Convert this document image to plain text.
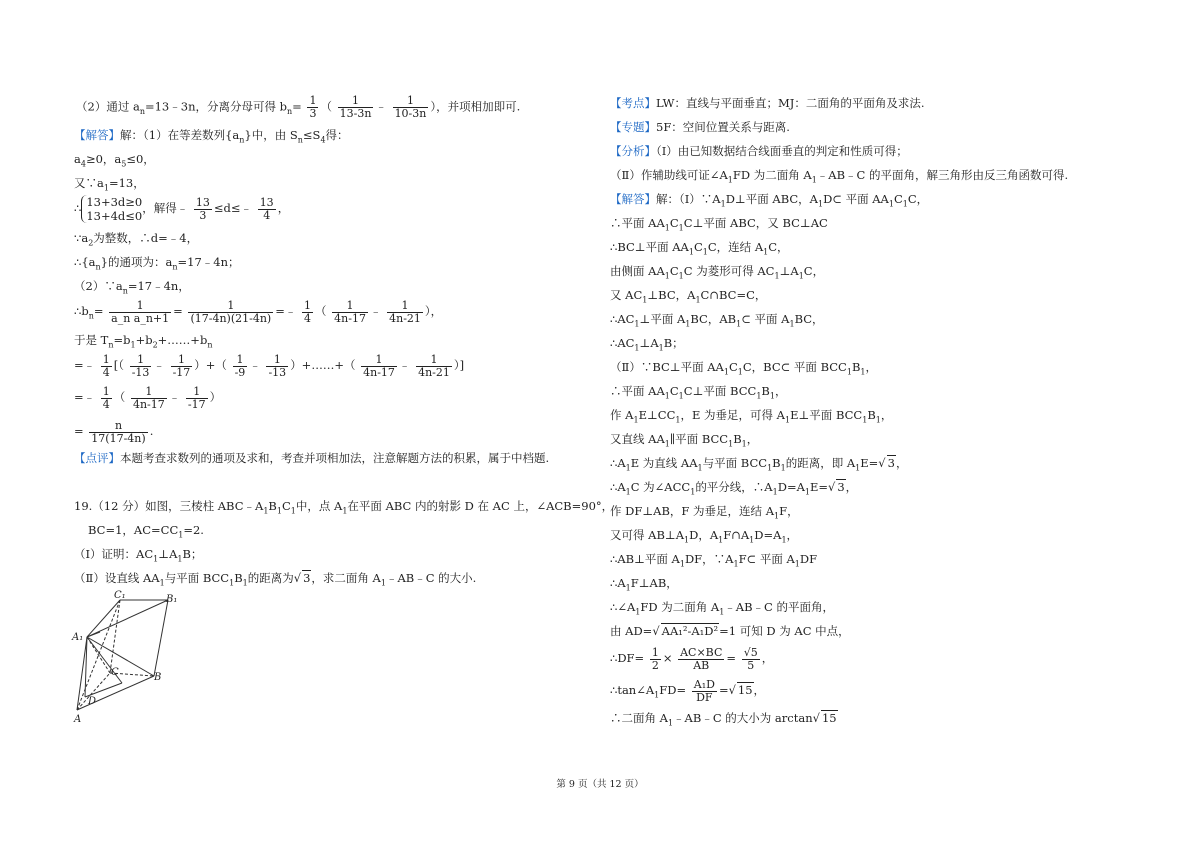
（2）通过 $a_n=13﹣3n$，分离分母可得 $b_n= \frac{1}{3}$ （ $\frac{1}{13-3n}$ ﹣ $\frac{1}{10-3n}$ ），并项相加即可.
【解答】解：（1）在等差数列$\{a_n\}$中，由 $S_n\le S_4$得：
$a_4\ge 0$，$a_5\le 0$，
又$\because a_1=13$，
∴ 13+3d≥0
13+4d≤0
，解得﹣ $\frac{13}{3}$ ≤d≤﹣ $\frac{13}{4}$ ，
$\because a_2$为整数，∴d=﹣4，
$\therefore\{a_n\}$的通项为：$a_n=17﹣4n$；
$(2)\because a_n=17﹣4n$，
$\therefore b_n= \frac{1}{\text{a\_n a\_n+1}} = \frac{1}{(17-4n)(21-4n)}$ =﹣ $\frac{1}{4}$ （ $\frac{1}{4n-17}$ ﹣ $\frac{1}{4n-21}$ ），
于是 $T_n=b_1+b_2+\dots\dots+b_n$
=﹣ $\frac{1}{4}$ [（ $\frac{1}{-13}$ ﹣ $\frac{1}{-17}$ ）+（ $\frac{1}{-9}$ ﹣ $\frac{1}{-13}$ ）+……+（ $\frac{1}{4n-17}$ ﹣ $\frac{1}{4n-21}$ ）]
=﹣ $\frac{1}{4}$ （ $\frac{1}{4n-17}$ ﹣ $\frac{1}{-17}$ ）
= $\frac{n}{17(17-4n)}$ .
【点评】本题考查求数列的通项及求和，考查并项相加法，注意解题方法的积累，属于中档题.
19.（12 分）如图，三棱柱 $ABC﹣A_1B_1C_1$中，点 $A_1$在平面 ABC 内的射影 D 在 AC 上，∠ACB=90°，
BC=1，$AC=CC_1=2$.
（Ⅰ）证明：$AC_1\perp A_1B$；
（Ⅱ）设直线 $AA_1$与平面 $BCC_1B_1$的距离为√ 3，求二面角 $A_1﹣AB﹣C$ 的大小.
C₁	B₁
A₁
C	B
D
A
【考点】LW：直线与平面垂直；MJ：二面角的平面角及求法.
【专题】5F：空间位置关系与距离.
【分析】（Ⅰ）由已知数据结合线面垂直的判定和性质可得；
（Ⅱ）作辅助线可证$\angle A_1FD$ 为二面角 $A_1﹣AB﹣C$ 的平面角，解三角形由反三角函数可得.
【解答】解：$(Ⅰ)\because A_1D\perp$平面 ABC，$A_1D\subset$ 平面 $AA_1C_1C$，
∴平面 $AA_1C_1C\perp$平面 ABC，又 BC⊥AC
∴BC⊥平面 $AA_1C_1C$，连结 $A_1C$，
由侧面 $AA_1C_1C$ 为菱形可得 $AC_1\perp A_1C$，
又 $AC_1\perp BC$，$A_1C\cap BC=C$，
$\therefore AC_1\perp$平面 $A_1BC$，$AB_1\subset$ 平面 $A_1BC$，
$\therefore AC_1\perp A_1B$；
（Ⅱ）∵BC⊥平面 $AA_1C_1C$，BC⊂ 平面 $BCC_1B_1$，
∴平面 $AA_1C_1C\perp$平面 $BCC_1B_1$，
作 $A_1E\perp CC_1$，E 为垂足，可得 $A_1E\perp$平面 $BCC_1B_1$，
又直线 $AA_1\parallel$平面 $BCC_1B_1$，
$\therefore A_1E$ 为直线 $AA_1$与平面 $BCC_1B_1$的距离，即 $A_1E=√$ 3，
$\therefore A_1C$ 为$\angle ACC_1$的平分线，$\therefore A_1D=A_1E=√$ 3，
作 DF⊥AB，F 为垂足，连结 $A_1F$，
又可得 $AB\perp A_1D$，$A_1F\cap A_1D=A_1$，
∴AB⊥平面 $A_1DF$，$\because A_1F\subset$ 平面 $A_1DF$
$\therefore A_1F\perp AB$，
$\therefore\angle A_1FD$ 为二面角 $A_1﹣AB﹣C$ 的平面角，
由 AD=√ AA₁²-A₁D²=1 可知 D 为 AC 中点，
∴DF= $\frac{1}{2} \times \frac{AC\times BC}{AB} = \frac{√5}{5}$ ，
$\therefore\tan\angle A_1FD= \frac{\text{A₁D}}{DF}$ =√ 15，
∴二面角 $A_1﹣AB﹣C$ 的大小为 arctan√ 15
第 9 页（共 12 页）
